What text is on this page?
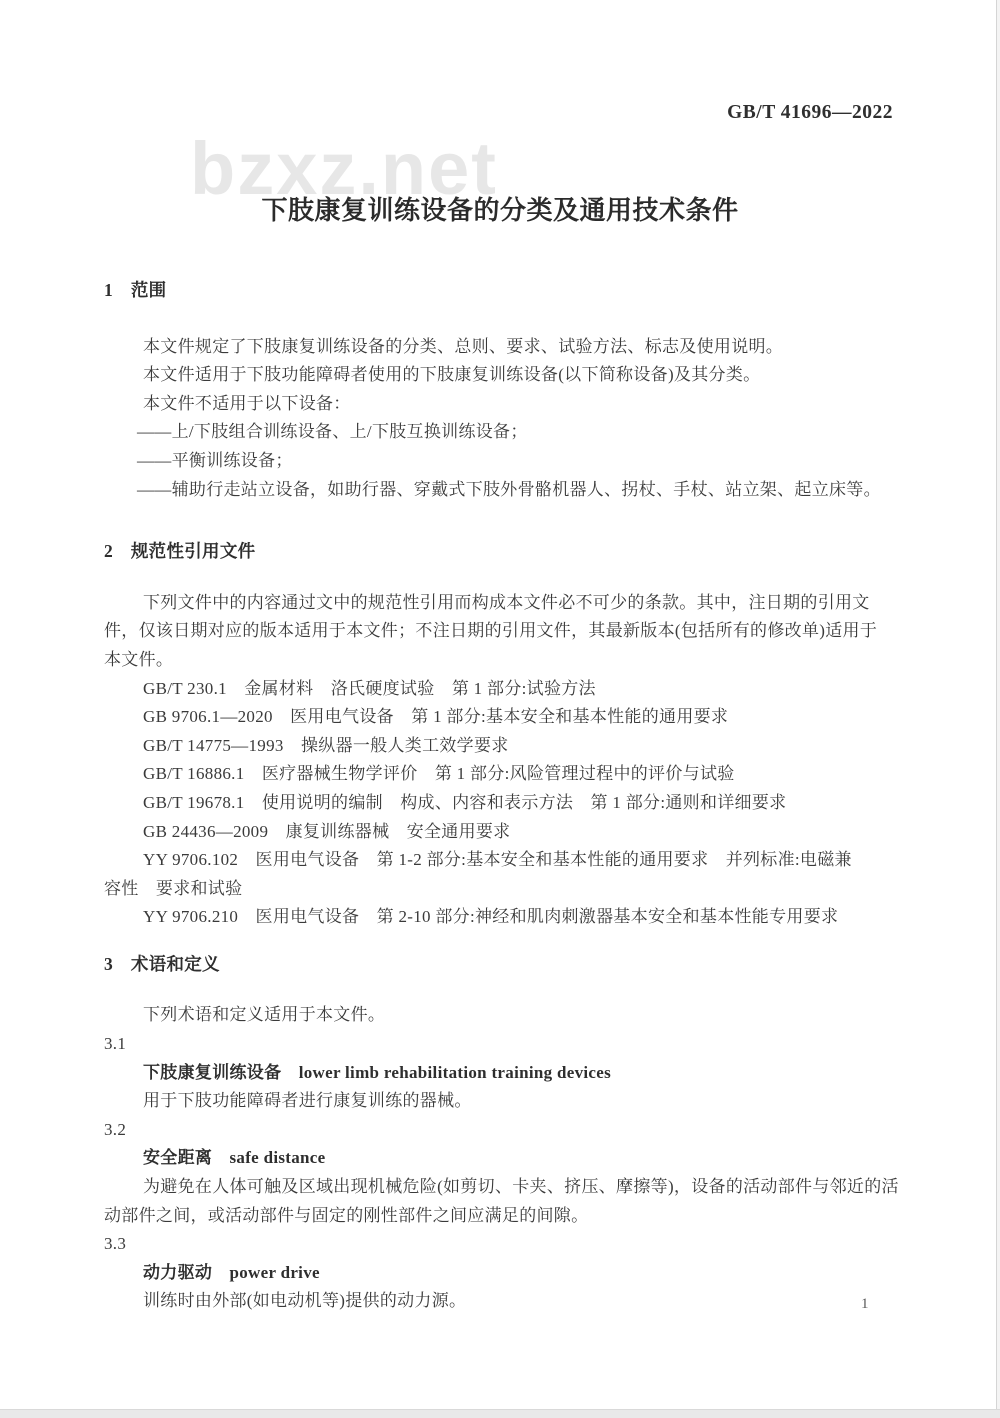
bzxz.net
GB/T 41696—2022
下肢康复训练设备的分类及通用技术条件
1　范围
本文件规定了下肢康复训练设备的分类、总则、要求、试验方法、标志及使用说明。
本文件适用于下肢功能障碍者使用的下肢康复训练设备(以下简称设备)及其分类。
本文件不适用于以下设备：
——上/下肢组合训练设备、上/下肢互换训练设备；
——平衡训练设备；
——辅助行走站立设备，如助行器、穿戴式下肢外骨骼机器人、拐杖、手杖、站立架、起立床等。
2　规范性引用文件
下列文件中的内容通过文中的规范性引用而构成本文件必不可少的条款。其中，注日期的引用文
件，仅该日期对应的版本适用于本文件；不注日期的引用文件，其最新版本(包括所有的修改单)适用于
本文件。
GB/T 230.1　金属材料　洛氏硬度试验　第 1 部分:试验方法
GB 9706.1—2020　医用电气设备　第 1 部分:基本安全和基本性能的通用要求
GB/T 14775—1993　操纵器一般人类工效学要求
GB/T 16886.1　医疗器械生物学评价　第 1 部分:风险管理过程中的评价与试验
GB/T 19678.1　使用说明的编制　构成、内容和表示方法　第 1 部分:通则和详细要求
GB 24436—2009　康复训练器械　安全通用要求
YY 9706.102　医用电气设备　第 1-2 部分:基本安全和基本性能的通用要求　并列标准:电磁兼
容性　要求和试验
YY 9706.210　医用电气设备　第 2-10 部分:神经和肌肉刺激器基本安全和基本性能专用要求
3　术语和定义
下列术语和定义适用于本文件。
3.1
下肢康复训练设备　lower limb rehabilitation training devices
用于下肢功能障碍者进行康复训练的器械。
3.2
安全距离　safe distance
为避免在人体可触及区域出现机械危险(如剪切、卡夹、挤压、摩擦等)，设备的活动部件与邻近的活
动部件之间，或活动部件与固定的刚性部件之间应满足的间隙。
3.3
动力驱动　power drive
训练时由外部(如电动机等)提供的动力源。	1
